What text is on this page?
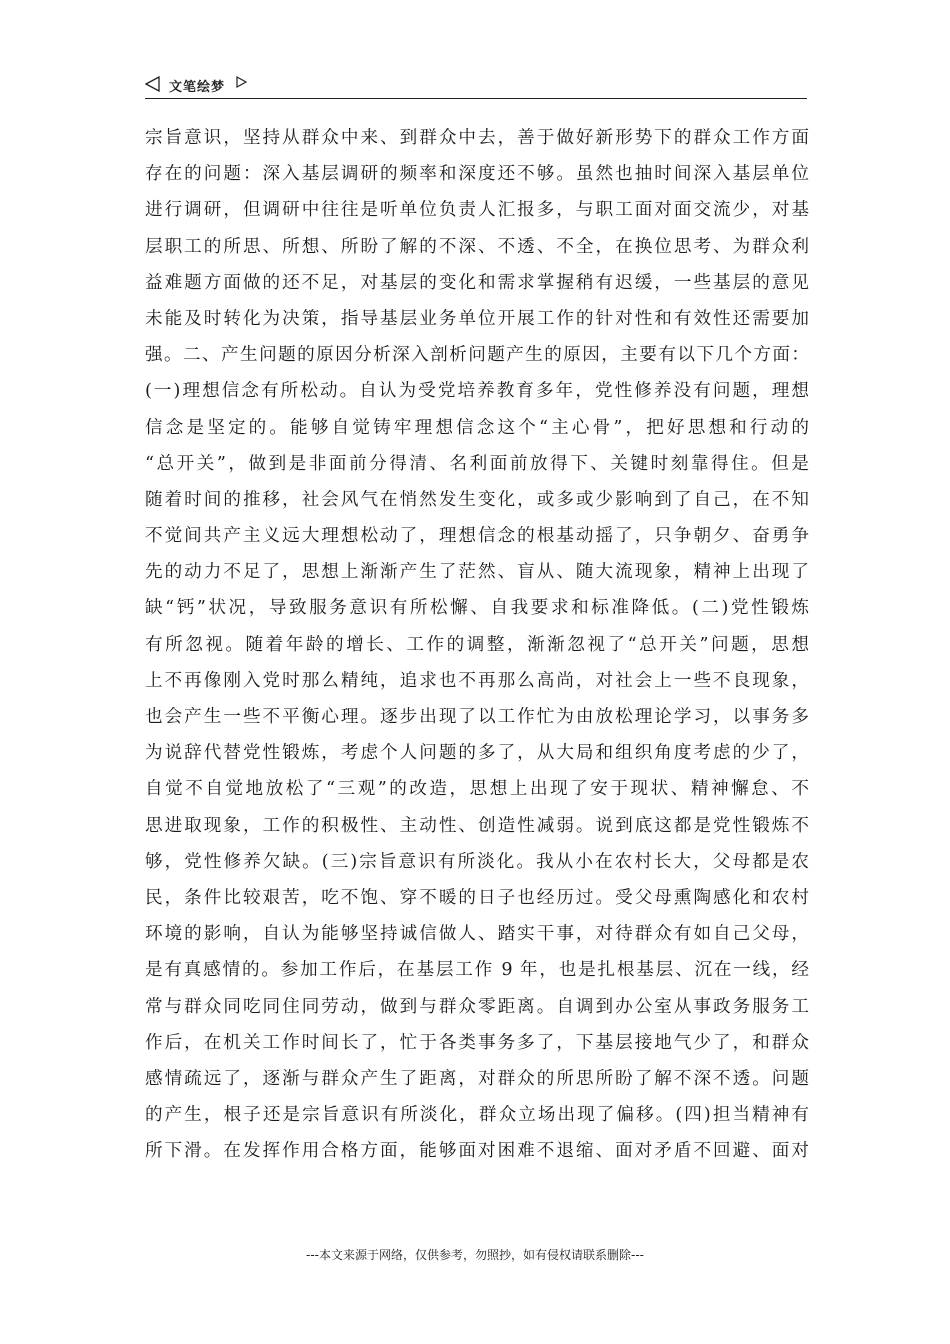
文笔绘梦
宗旨意识，坚持从群众中来、到群众中去，善于做好新形势下的群众工作方面
存在的问题：深入基层调研的频率和深度还不够。虽然也抽时间深入基层单位
进行调研，但调研中往往是听单位负责人汇报多，与职工面对面交流少，对基
层职工的所思、所想、所盼了解的不深、不透、不全，在换位思考、为群众利
益难题方面做的还不足，对基层的变化和需求掌握稍有迟缓，一些基层的意见
未能及时转化为决策，指导基层业务单位开展工作的针对性和有效性还需要加
强。二、产生问题的原因分析深入剖析问题产生的原因，主要有以下几个方面：
(一)理想信念有所松动。自认为受党培养教育多年，党性修养没有问题，理想
信念是坚定的。能够自觉铸牢理想信念这个“主心骨”，把好思想和行动的
“总开关”，做到是非面前分得清、名利面前放得下、关键时刻靠得住。但是
随着时间的推移，社会风气在悄然发生变化，或多或少影响到了自己，在不知
不觉间共产主义远大理想松动了，理想信念的根基动摇了，只争朝夕、奋勇争
先的动力不足了，思想上渐渐产生了茫然、盲从、随大流现象，精神上出现了
缺“钙”状况，导致服务意识有所松懈、自我要求和标准降低。(二)党性锻炼
有所忽视。随着年龄的增长、工作的调整，渐渐忽视了“总开关”问题，思想
上不再像刚入党时那么精纯，追求也不再那么高尚，对社会上一些不良现象，
也会产生一些不平衡心理。逐步出现了以工作忙为由放松理论学习，以事务多
为说辞代替党性锻炼，考虑个人问题的多了，从大局和组织角度考虑的少了，
自觉不自觉地放松了“三观”的改造，思想上出现了安于现状、精神懈怠、不
思进取现象，工作的积极性、主动性、创造性减弱。说到底这都是党性锻炼不
够，党性修养欠缺。(三)宗旨意识有所淡化。我从小在农村长大，父母都是农
民，条件比较艰苦，吃不饱、穿不暖的日子也经历过。受父母熏陶感化和农村
环境的影响，自认为能够坚持诚信做人、踏实干事，对待群众有如自己父母，
是有真感情的。参加工作后，在基层工作 9 年，也是扎根基层、沉在一线，经
常与群众同吃同住同劳动，做到与群众零距离。自调到办公室从事政务服务工
作后，在机关工作时间长了，忙于各类事务多了，下基层接地气少了，和群众
感情疏远了，逐渐与群众产生了距离，对群众的所思所盼了解不深不透。问题
的产生，根子还是宗旨意识有所淡化，群众立场出现了偏移。(四)担当精神有
所下滑。在发挥作用合格方面，能够面对困难不退缩、面对矛盾不回避、面对
---本文来源于网络，仅供参考，勿照抄，如有侵权请联系删除---
